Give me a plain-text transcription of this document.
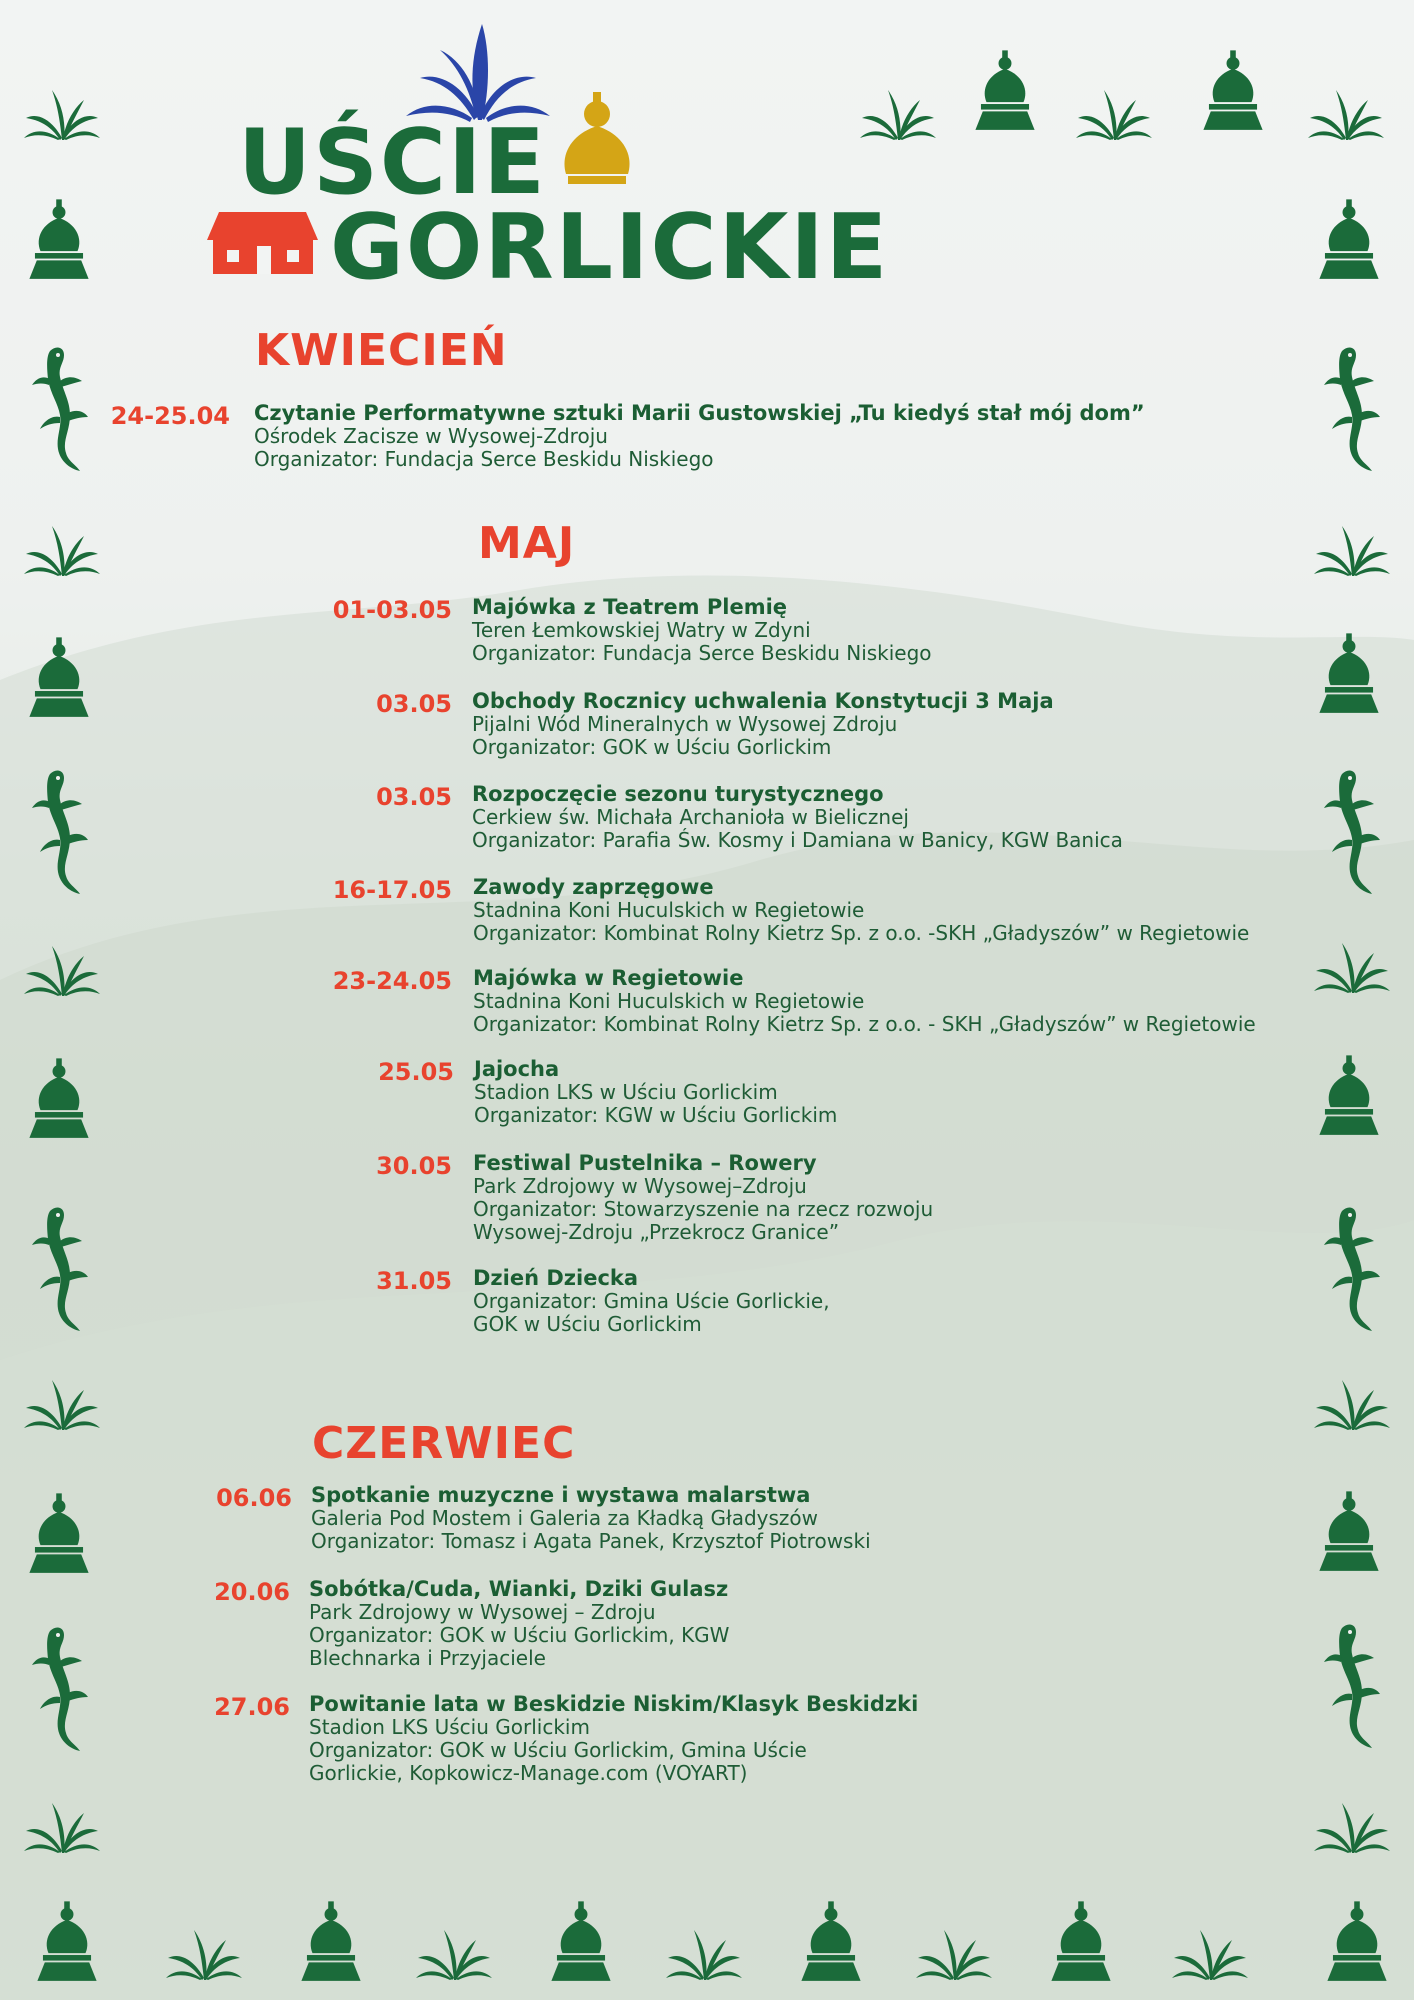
UŚCIE
GORLICKIE
KWIECIEŃ
24-25.04 Czytanie Performatywne sztuki Marii Gustowskiej „Tu kiedyś stał mój dom”
Ośrodek Zacisze w Wysowej-Zdroju
Organizator: Fundacja Serce Beskidu Niskiego
MAJ
01-03.05 Majówka z Teatrem Plemię
Teren Łemkowskiej Watry w Zdyni
Organizator: Fundacja Serce Beskidu Niskiego
03.05 Obchody Rocznicy uchwalenia Konstytucji 3 Maja
Pijalni Wód Mineralnych w Wysowej Zdroju
Organizator: GOK w Uściu Gorlickim
03.05 Rozpoczęcie sezonu turystycznego
Cerkiew św. Michała Archanioła w Bielicznej
Organizator: Parafia Św. Kosmy i Damiana w Banicy, KGW Banica
16-17.05 Zawody zaprzęgowe
Stadnina Koni Huculskich w Regietowie
Organizator: Kombinat Rolny Kietrz Sp. z o.o. -SKH „Gładyszów” w Regietowie
23-24.05 Majówka w Regietowie
Stadnina Koni Huculskich w Regietowie
Organizator: Kombinat Rolny Kietrz Sp. z o.o. - SKH „Gładyszów” w Regietowie
25.05 Jajocha
Stadion LKS w Uściu Gorlickim
Organizator: KGW w Uściu Gorlickim
30.05 Festiwal Pustelnika – Rowery
Park Zdrojowy w Wysowej–Zdroju
Organizator: Stowarzyszenie na rzecz rozwoju
Wysowej-Zdroju „Przekrocz Granice”
31.05 Dzień Dziecka
Organizator: Gmina Uście Gorlickie,
GOK w Uściu Gorlickim
CZERWIEC
06.06 Spotkanie muzyczne i wystawa malarstwa
Galeria Pod Mostem i Galeria za Kładką Gładyszów
Organizator: Tomasz i Agata Panek, Krzysztof Piotrowski
20.06 Sobótka/Cuda, Wianki, Dziki Gulasz
Park Zdrojowy w Wysowej – Zdroju
Organizator: GOK w Uściu Gorlickim, KGW
Blechnarka i Przyjaciele
27.06 Powitanie lata w Beskidzie Niskim/Klasyk Beskidzki
Stadion LKS Uściu Gorlickim
Organizator: GOK w Uściu Gorlickim, Gmina Uście
Gorlickie, Kopkowicz-Manage.com (VOYART)
